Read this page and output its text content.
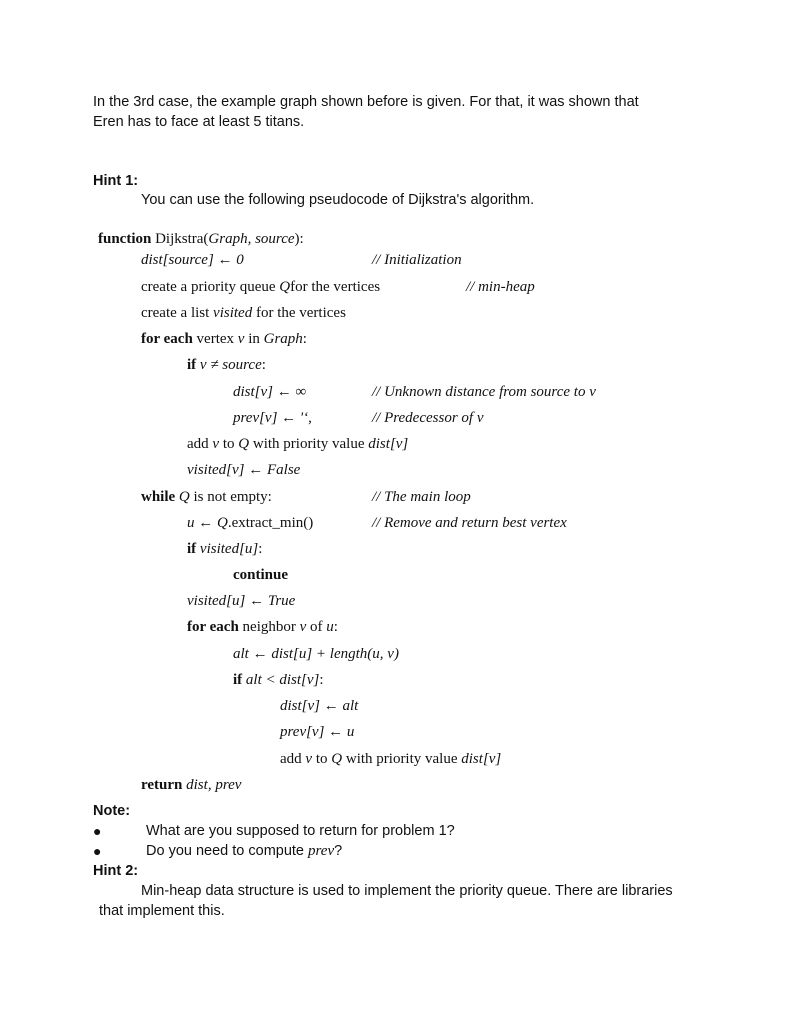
In the 3rd case, the example graph shown before is given. For that, it was shown that
Eren has to face at least 5 titans.
Hint 1:
You can use the following pseudocode of Dijkstra's algorithm.
function Dijkstra(Graph, source):
dist[source] ← 0	// Initialization
create a priority queue Qfor the vertices	// min-heap
create a list visited for the vertices
for each vertex v in Graph:
if v ≠ source:
dist[v] ← ∞	// Unknown distance from source to v
prev[v] ← '‘,	// Predecessor of v
add v to Q with priority value dist[v]
visited[v] ← False
while Q is not empty:	// The main loop
u ← Q.extract_min()	// Remove and return best vertex
if visited[u]:
continue
visited[u] ← True
for each neighbor v of u:
alt ← dist[u] + length(u, v)
if alt < dist[v]:
dist[v] ← alt
prev[v] ← u
add v to Q with priority value dist[v]
return dist, prev
Note:
●	What are you supposed to return for problem 1?
●	Do you need to compute prev?
Hint 2:
Min-heap data structure is used to implement the priority queue. There are libraries
that implement this.
